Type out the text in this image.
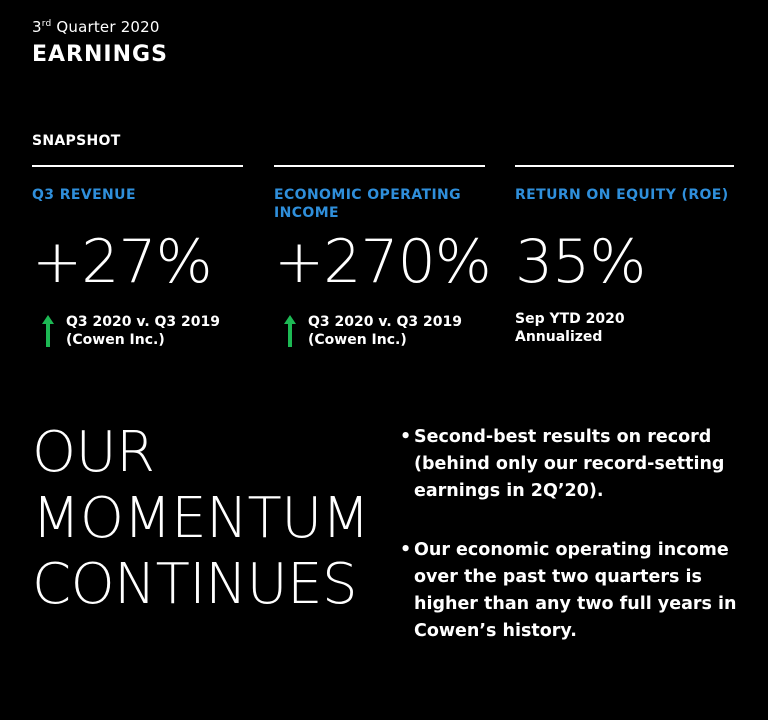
3rd Quarter 2020
EARNINGS
SNAPSHOT
Q3 REVENUE
+27%
Q3 2020 v. Q3 2019
(Cowen Inc.)
ECONOMIC OPERATING INCOME
+270%
Q3 2020 v. Q3 2019
(Cowen Inc.)
RETURN ON EQUITY (ROE)
35%
Sep YTD 2020
Annualized
OUR
MOMENTUM
CONTINUES
• Second-best results on record (behind only our record-setting earnings in 2Q’20).
• Our economic operating income over the past two quarters is higher than any two full years in Cowen’s history.
